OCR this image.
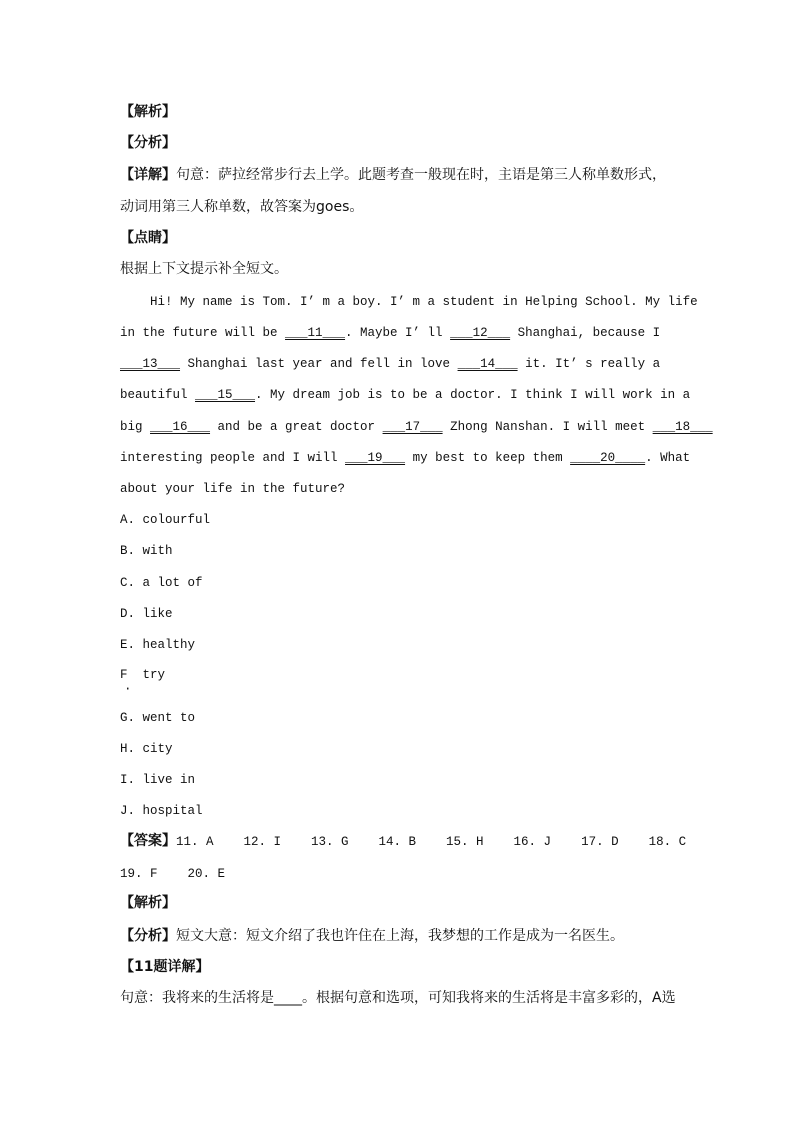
【解析】
【分析】
【详解】句意：萨拉经常步行去上学。此题考查一般现在时，主语是第三人称单数形式，
动词用第三人称单数，故答案为goes。
【点睛】
根据上下文提示补全短文。
Hi! My name is Tom. I’ m a boy. I’ m a student in Helping School. My life
in the future will be ___11___. Maybe I’ ll ___12___ Shanghai, because I
___13___ Shanghai last year and fell in love ___14___ it. It’ s really a
beautiful ___15___. My dream job is to be a doctor. I think I will work in a
big ___16___ and be a great doctor ___17___ Zhong Nanshan. I will meet ___18___
interesting people and I will ___19___ my best to keep them ____20____. What
about your life in the future?
A. colourful
B. with
C. a lot of
D. like
E. healthy
F  try
·
G. went to
H. city
I. live in
J. hospital
【答案】11. A    12. I    13. G    14. B    15. H    16. J    17. D    18. C
19. F    20. E
【解析】
【分析】短文大意：短文介绍了我也许住在上海，我梦想的工作是成为一名医生。
【11题详解】
句意：我将来的生活将是____。根据句意和选项，可知我将来的生活将是丰富多彩的，A选
